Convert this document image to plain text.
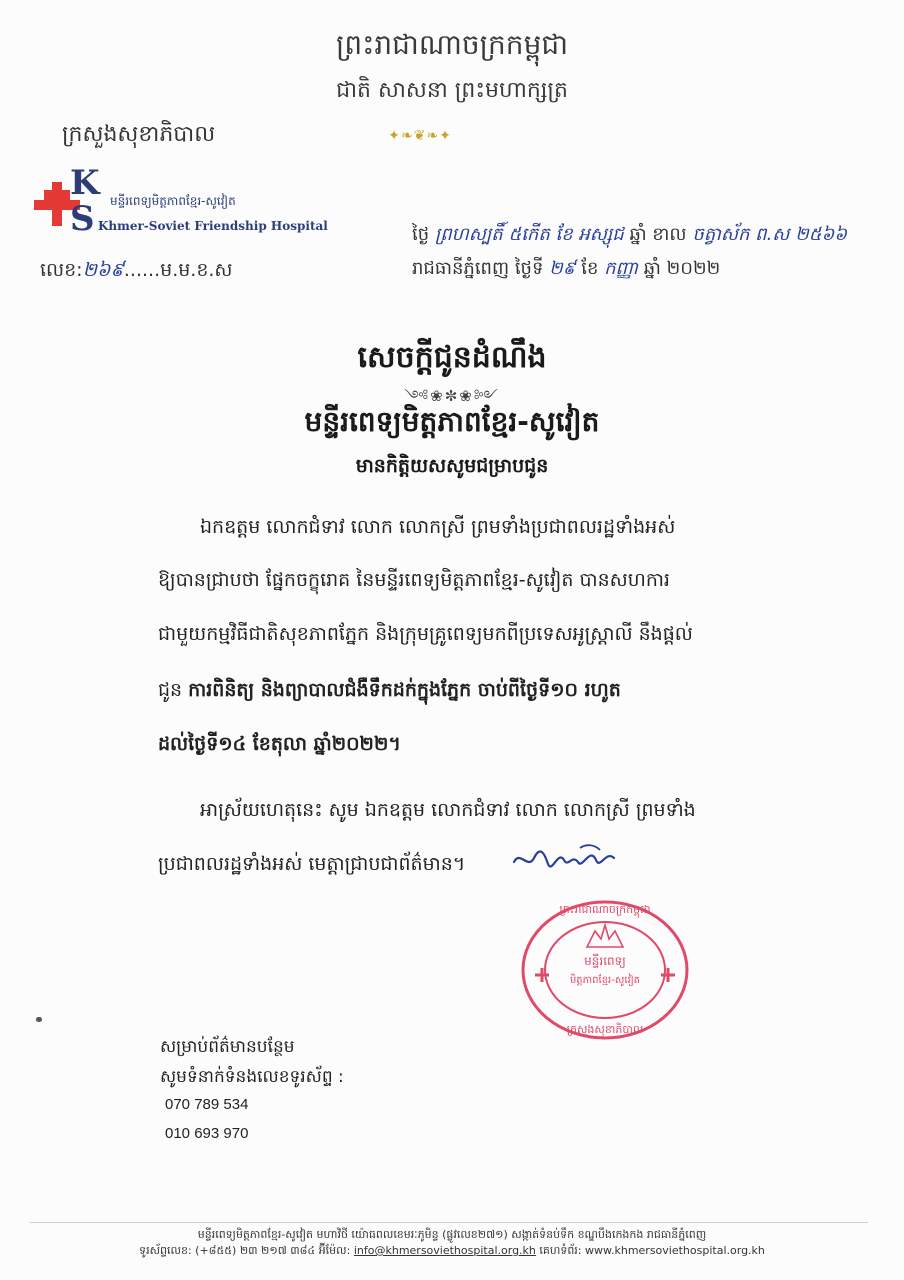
ព្រះរាជាណាចក្រកម្ពុជា
ជាតិ សាសនា ព្រះមហាក្សត្រ
✦❧❦❧✦
ក្រសួងសុខាភិបាល
K
S មន្ទីរពេទ្យមិត្តភាពខ្មែរ-សូវៀត
Khmer-Soviet Friendship Hospital
លេខ:២៦៩......ម.ម.ខ.ស
ថ្ងៃ ព្រហស្បតិ៍ ៥កើត ខែ អស្សុជ ឆ្នាំ ខាល ចត្វាស័ក ព.ស ២៥៦៦
រាជធានីភ្នំពេញ ថ្ងៃទី ២៩ ខែ កញ្ញា ឆ្នាំ ២០២២
សេចក្តីជូនដំណឹង
༺❀✼❀༻
មន្ទីរពេទ្យមិត្តភាពខ្មែរ-សូវៀត
មានកិត្តិយសសូមជម្រាបជូន
ឯកឧត្តម លោកជំទាវ លោក លោកស្រី ព្រមទាំងប្រជាពលរដ្ឋទាំងអស់
ឱ្យបានជ្រាបថា ផ្នែកចក្ខុរោគ នៃមន្ទីរពេទ្យមិត្តភាពខ្មែរ-សូវៀត បានសហការ
ជាមួយកម្មវិធីជាតិសុខភាពភ្នែក និងក្រុមគ្រូពេទ្យមកពីប្រទេសអូស្ត្រាលី នឹងផ្តល់
ជូន ការពិនិត្យ និងព្យាបាលជំងឺទឹកដក់ក្នុងភ្នែក ចាប់ពីថ្ងៃទី១០ រហូត
ដល់ថ្ងៃទី១៤ ខែតុលា ឆ្នាំ២០២២។
អាស្រ័យហេតុនេះ សូម ឯកឧត្តម លោកជំទាវ លោក លោកស្រី ព្រមទាំង
ប្រជាពលរដ្ឋទាំងអស់ មេត្តាជ្រាបជាព័ត៌មាន។
ព្រះរាជាណាចក្រកម្ពុជា
មន្ទីរពេទ្យ
មិត្តភាពខ្មែរ-សូវៀត
ក្រសួងសុខាភិបាល
សម្រាប់ព័ត៌មានបន្ថែម
សូមទំនាក់ទំនងលេខទូរស័ព្ទ :
070 789 534
010 693 970
មន្ទីរពេទ្យមិត្តភាពខ្មែរ-សូវៀត មហាវិថី យ៉ោធពលខេមរៈភូមិន្ទ (ផ្លូវលេខ២៧១) សង្កាត់ទំនប់ទឹក ខណ្ឌបឹងកេងកង រាជធានីភ្នំពេញ
ទូរស័ព្ទលេខ: (+៨៥៥) ២៣ ២១៧ ៣៨៤ អ៊ីម៉ែល: info@khmersoviethospital.org.kh គេហទំព័រ: www.khmersoviethospital.org.kh
